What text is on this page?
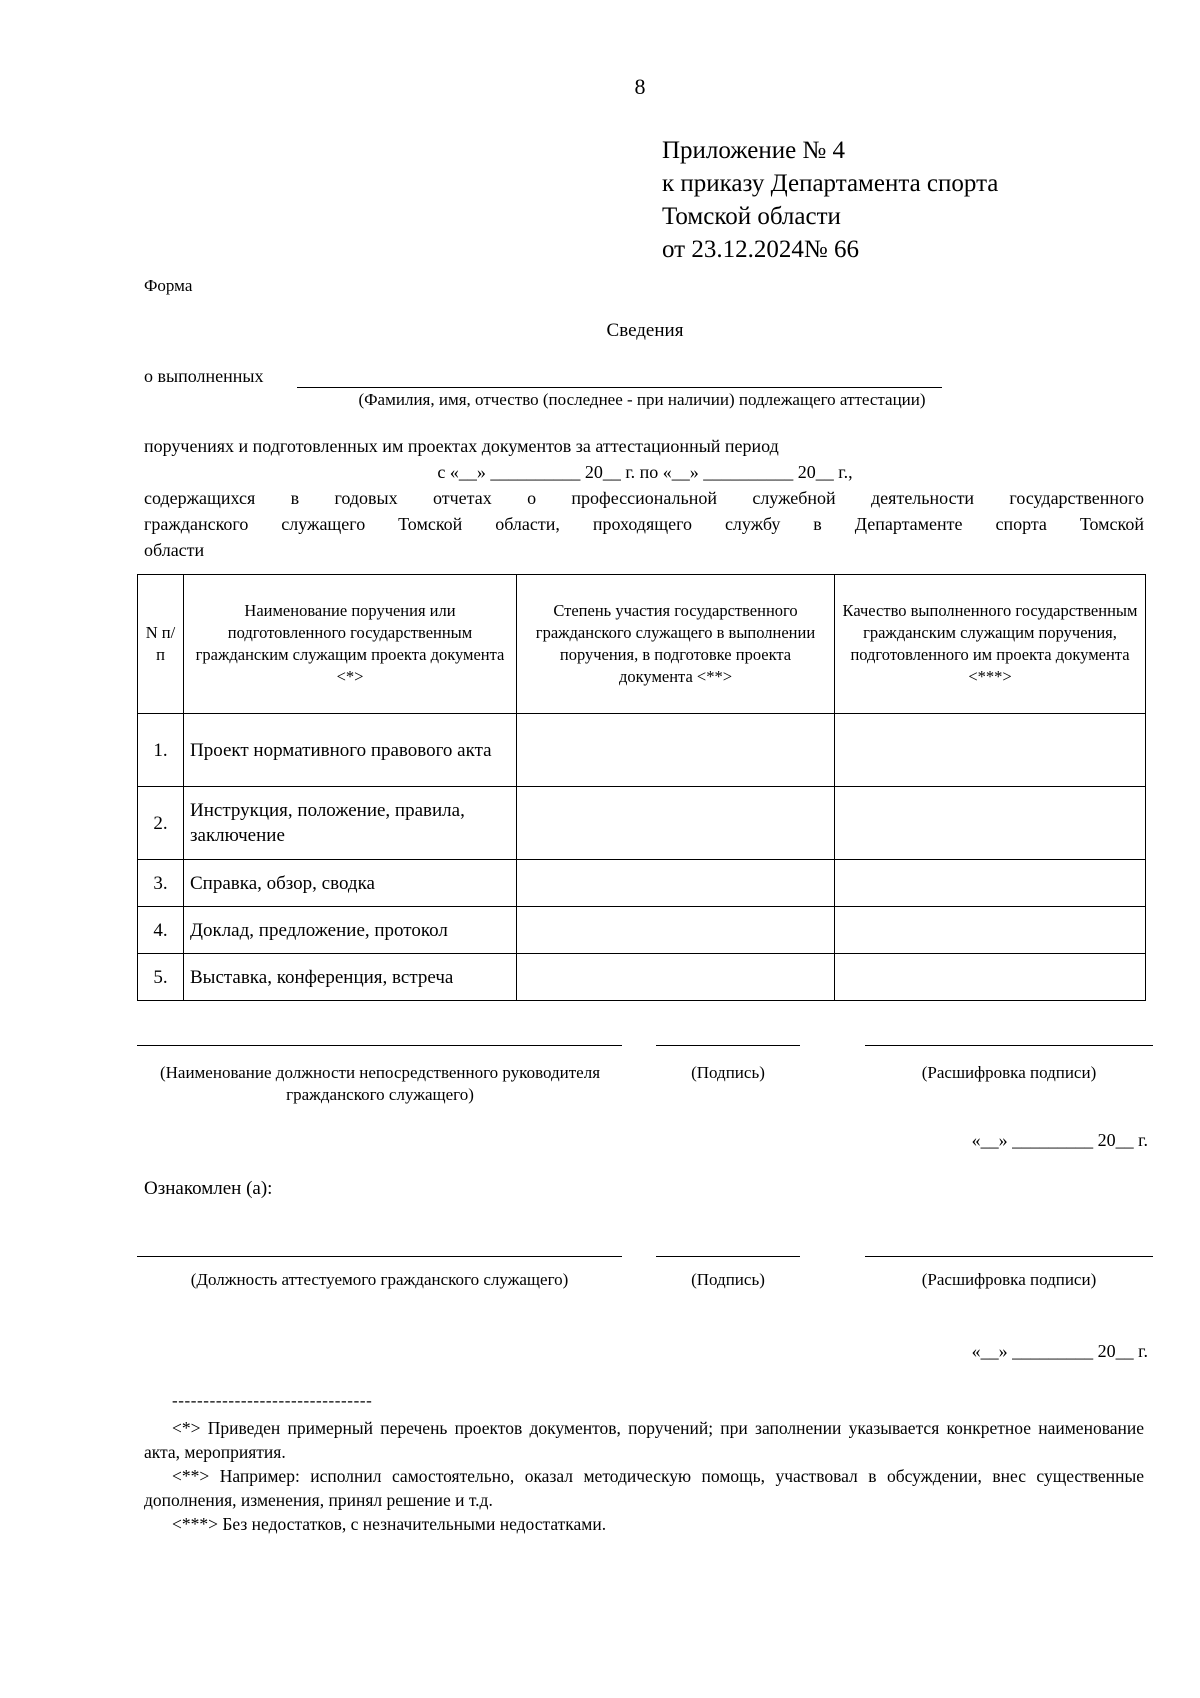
8
Приложение № 4
к приказу Департамента спорта
Томской области
от 23.12.2024№ 66
Форма
Сведения
о выполненных
(Фамилия, имя, отчество (последнее - при наличии) подлежащего аттестации)
поручениях и подготовленных им проектах документов за аттестационный период
с «__» __________ 20__ г. по «__» __________ 20__ г.,
содержащихся в годовых отчетах о профессиональной служебной деятельности государственного
гражданского служащего Томской области, проходящего службу в Департаменте спорта Томской
области
N п/п	Наименование поручения или подготовленного государственным гражданским служащим проекта документа <*>	Степень участия государственного гражданского служащего в выполнении поручения, в подготовке проекта документа <**>	Качество выполненного государственным гражданским служащим поручения, подготовленного им проекта документа <***>
1.	Проект нормативного правового акта		
2.	Инструкция, положение, правила, заключение		
3.	Справка, обзор, сводка		
4.	Доклад, предложение, протокол		
5.	Выставка, конференция, встреча		
(Наименование должности непосредственного руководителя гражданского служащего)
(Подпись)	(Расшифровка подписи)
«__» _________ 20__ г.
Ознакомлен (а):
(Должность аттестуемого гражданского служащего)	(Подпись)	(Расшифровка подписи)
«__» _________ 20__ г.
--------------------------------
<*> Приведен примерный перечень проектов документов, поручений; при заполнении указывается конкретное наименование акта, мероприятия.
<**> Например: исполнил самостоятельно, оказал методическую помощь, участвовал в обсуждении, внес существенные дополнения, изменения, принял решение и т.д.
<***> Без недостатков, с незначительными недостатками.
